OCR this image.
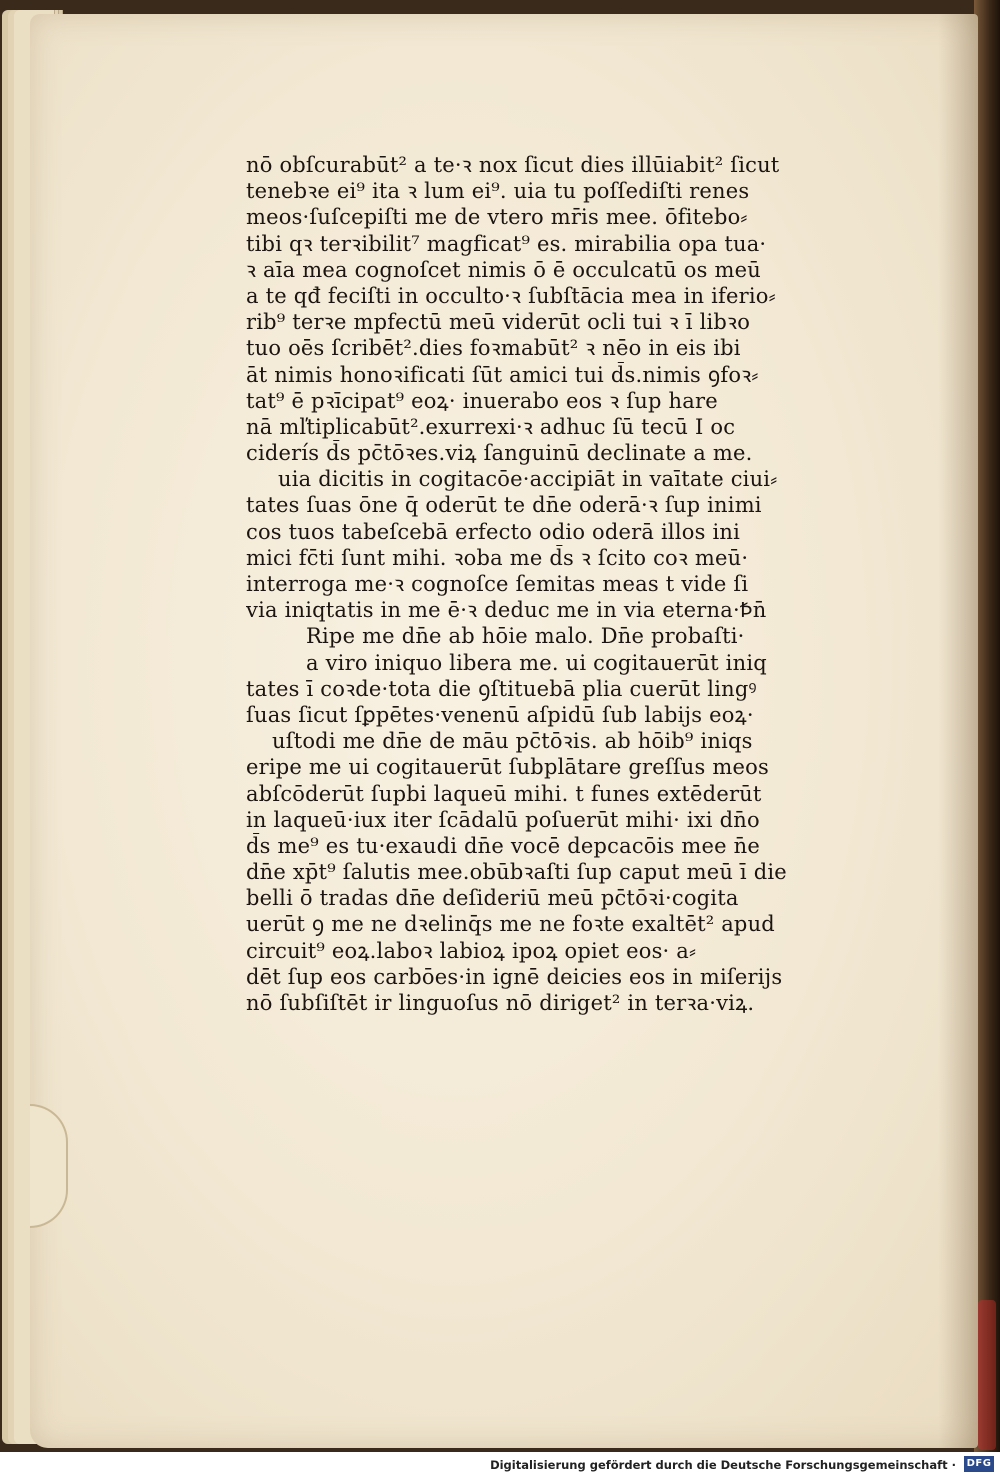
nō obſcurabūt² a te·ꝛ nox ſicut dies illūiabit² ſicut
tenebꝛe ei⁹ ita ꝛ lum ei⁹. uia tu poſſediſti renes
meos·ſuſcepiſti me de vtero mr̄is mee. ōfitebo⸗
tibi qꝛ terꝛibilit⁷ magficat⁹ es. mirabilia opa tua·
ꝛ aīa mea cognoſcet nimis ō ē occulcatū os meū
a te qđ feciſti in occulto·ꝛ ſubſtācia mea in iferio⸗
rib⁹ terꝛe mpfectū meū viderūt ocli tui ꝛ ī libꝛo
tuo oēs ſcribēt².dies foꝛmabūt² ꝛ nēo in eis ibi
āt nimis honoꝛificati ſūt amici tui d̄s.nimis ꝯfoꝛ⸗
tat⁹ ē pꝛīcipat⁹ eoꝝ· inuerabo eos ꝛ ſup hare
nā mľtiplicabūt².exurrexi·ꝛ adhuc ſū tecū I oc
ciderís d̄s pc̄tōꝛes.viꝝ ſanguinū declinate a me.
uia dicitis in cogitacōe·accipiāt in vaītate ciui⸗
tates ſuas ōne q̄ oderūt te dn̄e oderā·ꝛ ſup inimi
cos tuos tabeſcebā erfecto odio oderā illos ini
mici fc̄ti ſunt mihi. ꝛoba me d̄s ꝛ ſcito coꝛ meū·
interroga me·ꝛ cognoſce ſemitas meas t vide ſi
via iniqtatis in me ē·ꝛ deduc me in via eterna·Ꝥn̄
Ripe me dn̄e ab hōie malo. Dn̄e probaſti·
a viro iniquo libera me. ui cogitauerūt iniq
tates ī coꝛde·tota die ꝯſtituebā plia cuerūt lingꝰ
ſuas ſicut ſꝑpētes·venenū aſpidū ſub labijs eoꝝ·
uſtodi me dn̄e de māu pc̄tōꝛis. ab hōib⁹ iniqs
eripe me ui cogitauerūt ſubplātare greſſus meos
abſcōderūt ſupbi laqueū mihi. t funes extēderūt
in laqueū·iux iter ſcādalū poſuerūt mihi· ixi dn̄o
d̄s me⁹ es tu·exaudi dn̄e vocē depcacōis mee n̄e
dn̄e xp̄t⁹ ſalutis mee.obūbꝛaſti ſup caput meū ī die
belli ō tradas dn̄e deſideriū meū pc̄tōꝛi·cogita
uerūt ꝯ me ne dꝛelinq̄s me ne foꝛte exaltēt² apud
circuit⁹ eoꝝ.laboꝛ labioꝝ ipoꝝ opiet eos· a⸗
dēt ſup eos carbōes·in ignē deicies eos in miſerijs
nō ſubſiſtēt ir linguoſus nō diriget² in terꝛa·viꝝ.
Digitalisierung gefördert durch die Deutsche Forschungsgemeinschaft · DFG
